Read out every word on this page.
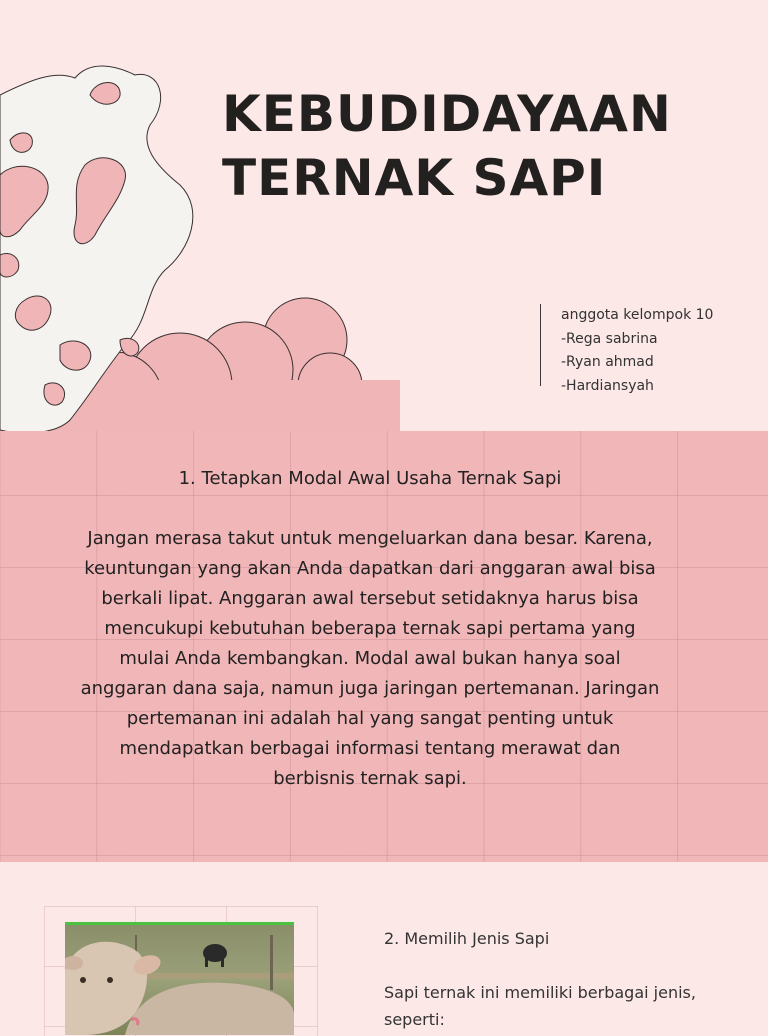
KEBUDIDAYAAN
TERNAK SAPI
anggota kelompok 10
-Rega sabrina
-Ryan ahmad
-Hardiansyah

1. Tetapkan Modal Awal Usaha Ternak Sapi

Jangan merasa takut untuk mengeluarkan dana besar. Karena, keuntungan yang akan Anda dapatkan dari anggaran awal bisa berkali lipat. Anggaran awal tersebut setidaknya harus bisa mencukupi kebutuhan beberapa ternak sapi pertama yang mulai Anda kembangkan. Modal awal bukan hanya soal anggaran dana saja, namun juga jaringan pertemanan. Jaringan pertemanan ini adalah hal yang sangat penting untuk mendapatkan berbagai informasi tentang merawat dan berbisnis ternak sapi.

2. Memilih Jenis Sapi

Sapi ternak ini memiliki berbagai jenis, seperti:
